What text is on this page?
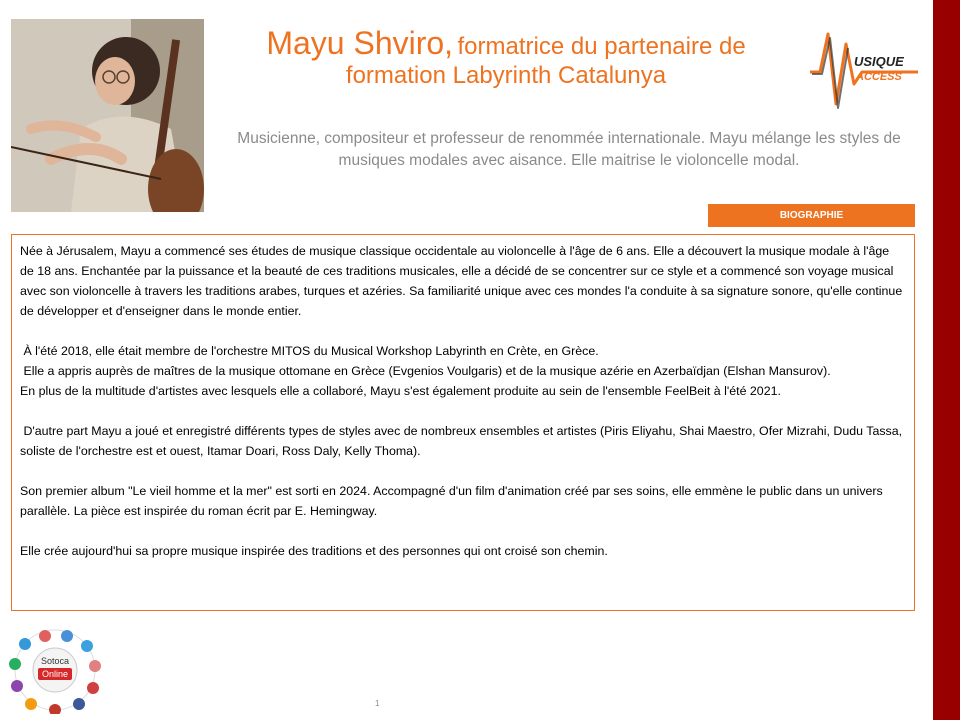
Mayu Shviro, formatrice du partenaire de
formation Labyrinth Catalunya
USIQUE
ACCESS
Musicienne, compositeur et professeur de renommée internationale. Mayu mélange les styles de musiques modales avec aisance. Elle maitrise le violoncelle modal.
BIOGRAPHIE

Née à Jérusalem, Mayu a commencé ses études de musique classique occidentale au violoncelle à l'âge de 6 ans. Elle a découvert la musique modale à l'âge de 18 ans. Enchantée par la puissance et la beauté de ces traditions musicales, elle a décidé de se concentrer sur ce style et a commencé son voyage musical avec son violoncelle à travers les traditions arabes, turques et azéries. Sa familiarité unique avec ces mondes l'a conduite à sa signature sonore, qu'elle continue de développer et d'enseigner dans le monde entier.

À l'été 2018, elle était membre de l'orchestre MITOS du Musical Workshop Labyrinth en Crète, en Grèce.

Elle a appris auprès de maîtres de la musique ottomane en Grèce (Evgenios Voulgaris) et de la musique azérie en Azerbaïdjan (Elshan Mansurov).

En plus de la multitude d'artistes avec lesquels elle a collaboré, Mayu s'est également produite au sein de l'ensemble FeelBeit à l'été 2021.

D'autre part Mayu a joué et enregistré différents types de styles avec de nombreux ensembles et artistes (Piris Eliyahu, Shai Maestro, Ofer Mizrahi, Dudu Tassa, soliste de l'orchestre est et ouest, Itamar Doari, Ross Daly, Kelly Thoma).

Son premier album "Le vieil homme et la mer" est sorti en 2024. Accompagné d'un film d'animation créé par ses soins, elle emmène le public dans un univers parallèle. La pièce est inspirée du roman écrit par E. Hemingway.

Elle crée aujourd'hui sa propre musique inspirée des traditions et des personnes qui ont croisé son chemin.

Sotoca
Online
1
